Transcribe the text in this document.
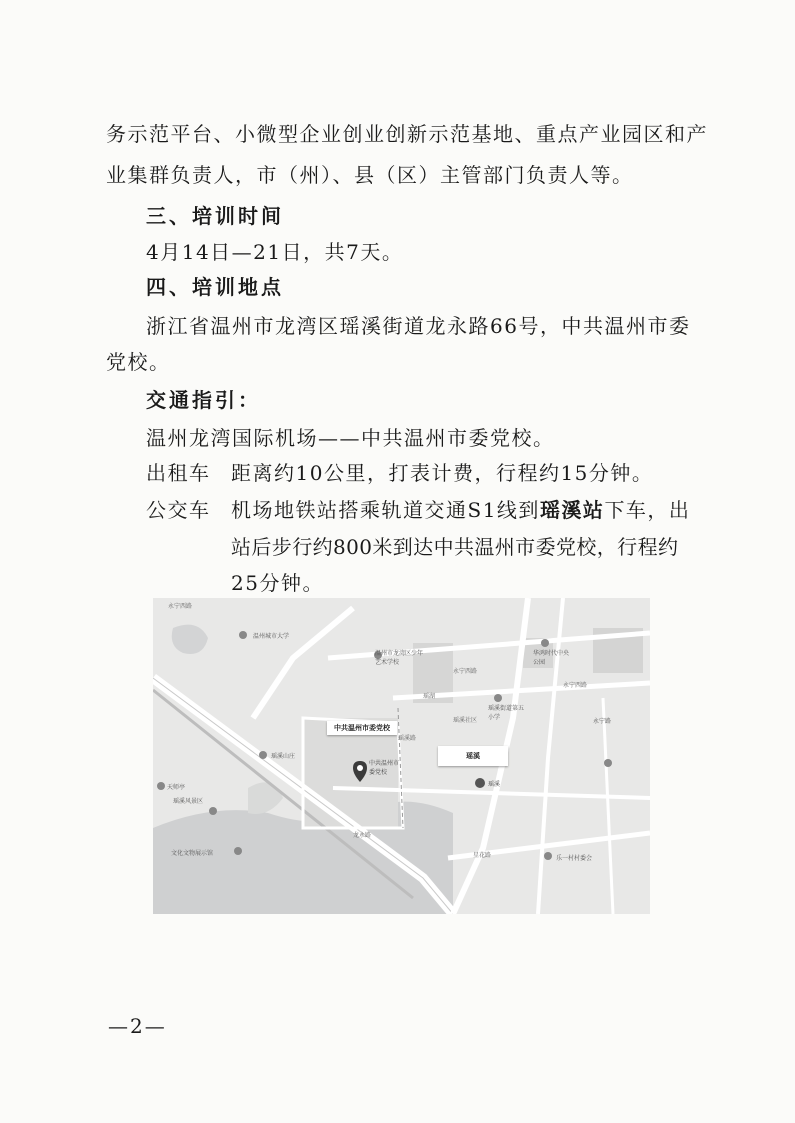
务示范平台、小微型企业创业创新示范基地、重点产业园区和产
业集群负责人，市（州）、县（区）主管部门负责人等。
三、培训时间
4月14日—21日，共7天。
四、培训地点
浙江省温州市龙湾区瑶溪街道龙永路66号，中共温州市委
党校。
交通指引：
温州龙湾国际机场——中共温州市委党校。
出租车 距离约10公里，打表计费，行程约15分钟。
公交车 机场地铁站搭乘轨道交通S1线到瑶溪站下车，出
站后步行约800米到达中共温州市委党校，行程约
25分钟。
温州城市大学
温州市龙湾区少年艺术学校
华鸿时代中央公园
瑶溪街道第五小学
瑶溪社区
永宁西路
永宁西路
永宁西路
瑶湖
瑶溪
中共温州市委党校
乐一村村委会
龙永路
瑶溪山庄
天师亭
瑶溪风景区
文化文物展示馆
永宁路
瑶溪路
星花路
中共温州市委党校
瑶溪
—2—
